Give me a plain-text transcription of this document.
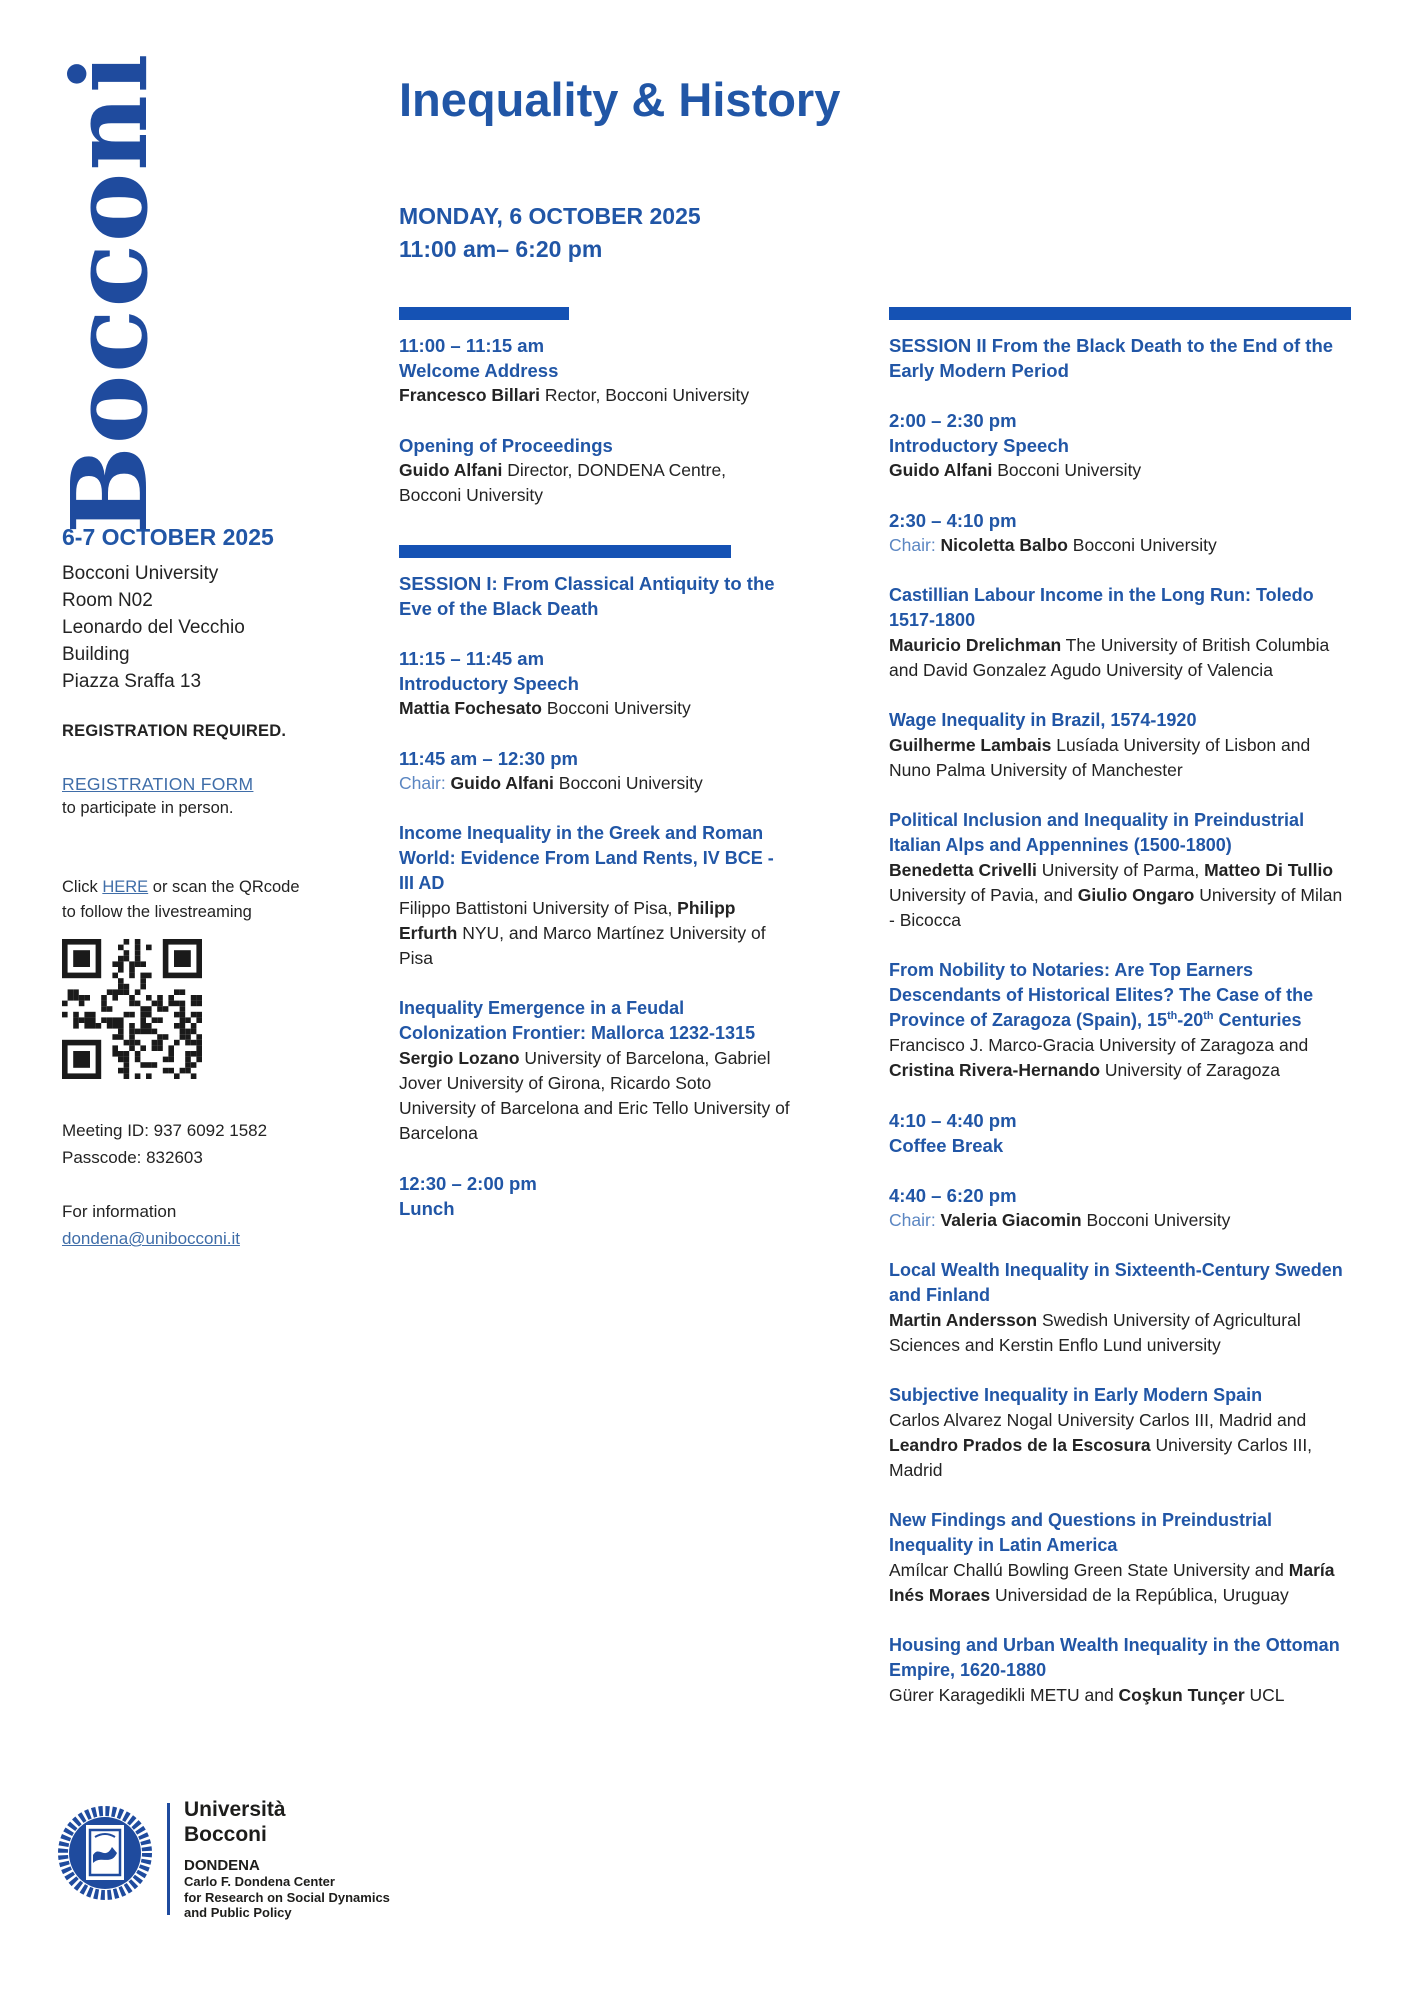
Bocconi	Inequality & History
MONDAY, 6 OCTOBER 2025
11:00 am– 6:20 pm
6-7 OCTOBER 2025
Bocconi University
Room N02
Leonardo del Vecchio
Building
Piazza Sraffa 13
REGISTRATION REQUIRED.
REGISTRATION FORM
to participate in person.
Click HERE or scan the QRcode
to follow the livestreaming
Meeting ID: 937 6092 1582
Passcode: 832603
For information
dondena@unibocconi.it
11:00 – 11:15 am
Welcome Address
Francesco Billari Rector, Bocconi University
Opening of Proceedings
Guido Alfani Director, DONDENA Centre, Bocconi University
SESSION I: From Classical Antiquity to the Eve of the Black Death
11:15 – 11:45 am
Introductory Speech
Mattia Fochesato Bocconi University
11:45 am – 12:30 pm
Chair: Guido Alfani Bocconi University
Income Inequality in the Greek and Roman World: Evidence From Land Rents, IV BCE - III AD
Filippo Battistoni University of Pisa, Philipp Erfurth NYU, and Marco Martínez University of Pisa
Inequality Emergence in a Feudal Colonization Frontier: Mallorca 1232-1315
Sergio Lozano University of Barcelona, Gabriel Jover University of Girona, Ricardo Soto University of Barcelona and Eric Tello University of Barcelona
12:30 – 2:00 pm
Lunch
SESSION II From the Black Death to the End of the Early Modern Period
2:00 – 2:30 pm
Introductory Speech
Guido Alfani Bocconi University
2:30 – 4:10 pm
Chair: Nicoletta Balbo Bocconi University
Castillian Labour Income in the Long Run: Toledo 1517-1800
Mauricio Drelichman The University of British Columbia and David Gonzalez Agudo University of Valencia
Wage Inequality in Brazil, 1574-1920
Guilherme Lambais Lusíada University of Lisbon and Nuno Palma University of Manchester
Political Inclusion and Inequality in Preindustrial Italian Alps and Appennines (1500-1800)
Benedetta Crivelli University of Parma, Matteo Di Tullio University of Pavia, and Giulio Ongaro University of Milan - Bicocca
From Nobility to Notaries: Are Top Earners Descendants of Historical Elites? The Case of the Province of Zaragoza (Spain), 15th-20th Centuries
Francisco J. Marco-Gracia University of Zaragoza and Cristina Rivera-Hernando University of Zaragoza
4:10 – 4:40 pm
Coffee Break
4:40 – 6:20 pm
Chair: Valeria Giacomin Bocconi University
Local Wealth Inequality in Sixteenth-Century Sweden and Finland
Martin Andersson Swedish University of Agricultural Sciences and Kerstin Enflo Lund university
Subjective Inequality in Early Modern Spain
Carlos Alvarez Nogal University Carlos III, Madrid and Leandro Prados de la Escosura University Carlos III, Madrid
New Findings and Questions in Preindustrial Inequality in Latin America
Amílcar Challú Bowling Green State University and María Inés Moraes Universidad de la República, Uruguay
Housing and Urban Wealth Inequality in the Ottoman Empire, 1620-1880
Gürer Karagedikli METU and Coşkun Tunçer UCL
Università
Bocconi
DONDENA
Carlo F. Dondena Center
for Research on Social Dynamics
and Public Policy
